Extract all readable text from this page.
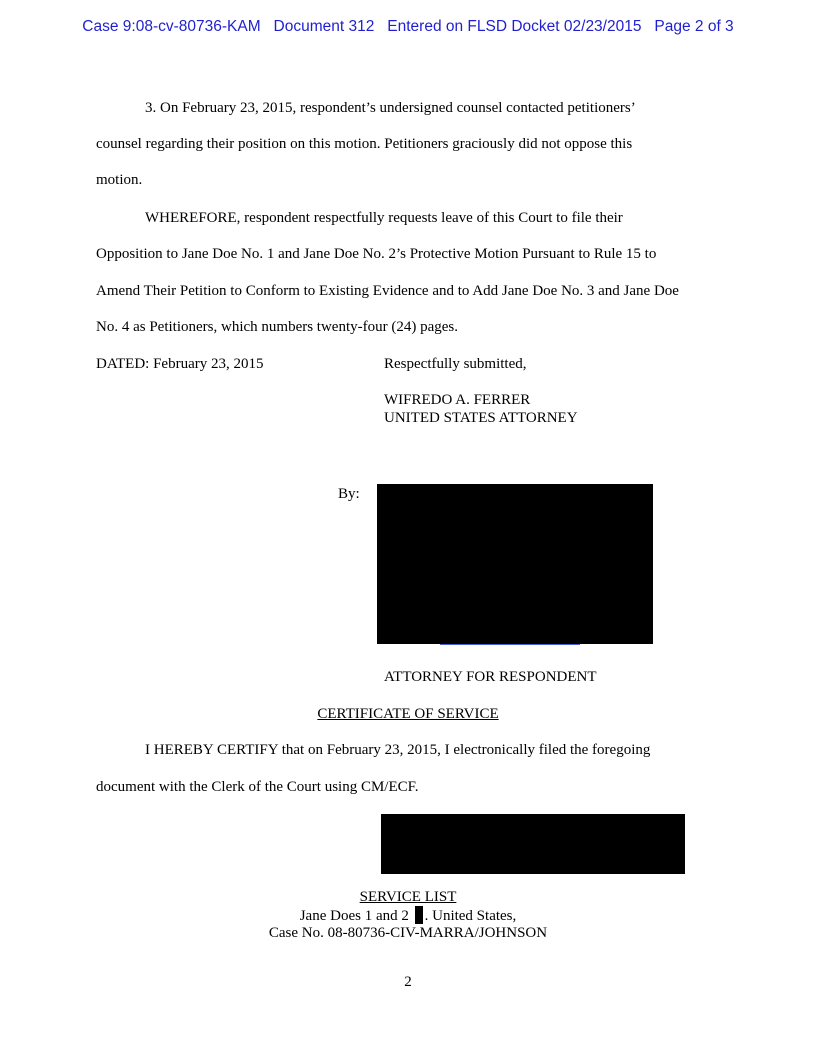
Case 9:08-cv-80736-KAM   Document 312   Entered on FLSD Docket 02/23/2015   Page 2 of 3
3. On February 23, 2015, respondent’s undersigned counsel contacted petitioners’
counsel regarding their position on this motion. Petitioners graciously did not oppose this
motion.
WHEREFORE, respondent respectfully requests leave of this Court to file their
Opposition to Jane Doe No. 1 and Jane Doe No. 2’s Protective Motion Pursuant to Rule 15 to
Amend Their Petition to Conform to Existing Evidence and to Add Jane Doe No. 3 and Jane Doe
No. 4 as Petitioners, which numbers twenty-four (24) pages.
DATED: February 23, 2015	Respectfully submitted,
WIFREDO A. FERRER
UNITED STATES ATTORNEY
By:
ATTORNEY FOR RESPONDENT
CERTIFICATE OF SERVICE
I HEREBY CERTIFY that on February 23, 2015, I electronically filed the foregoing
document with the Clerk of the Court using CM/ECF.
SERVICE LIST
Jane Does 1 and 2 . United States,
Case No. 08-80736-CIV-MARRA/JOHNSON
2
